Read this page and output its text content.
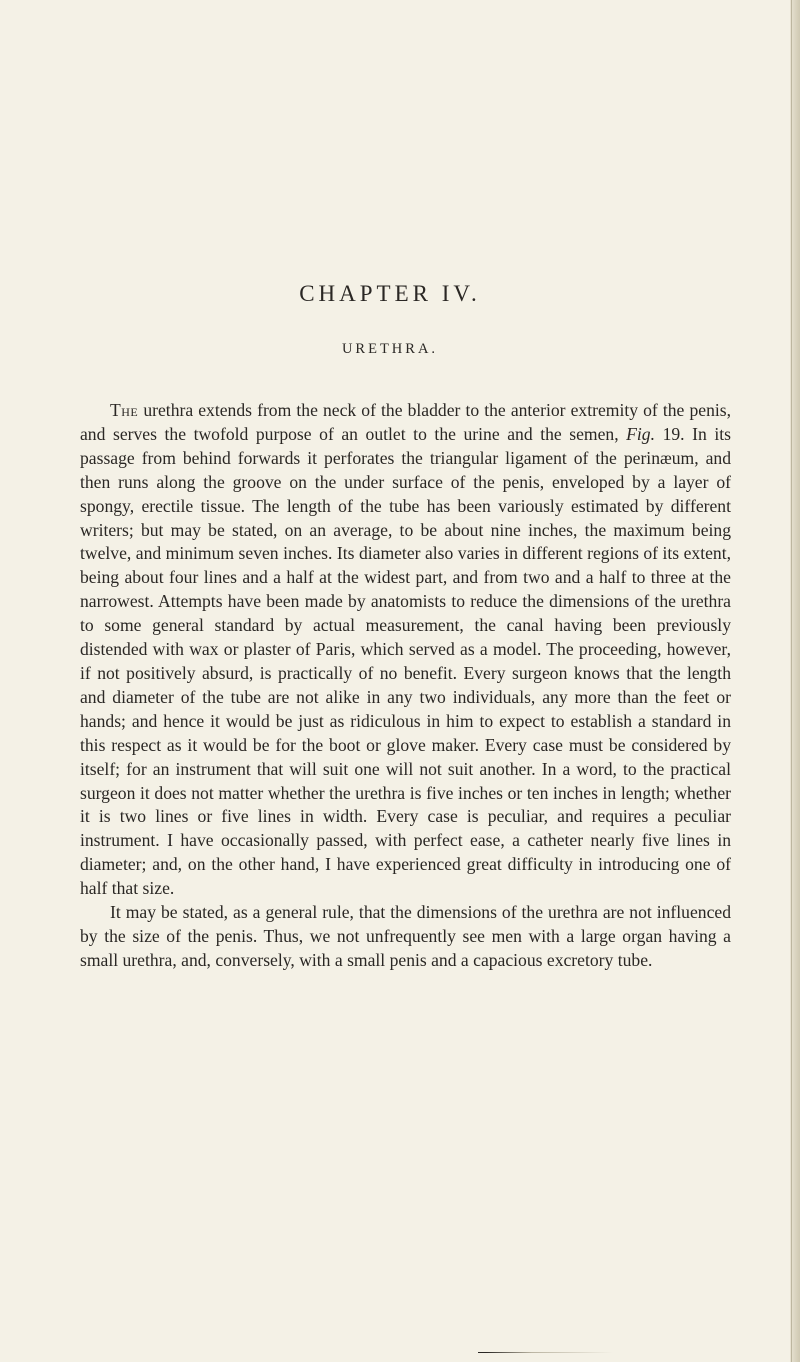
CHAPTER IV.
URETHRA.

The urethra extends from the neck of the bladder to the anterior extremity of the penis, and serves the twofold purpose of an outlet to the urine and the semen, Fig. 19. In its passage from behind forwards it perforates the triangular ligament of the perinæum, and then runs along the groove on the under surface of the penis, enveloped by a layer of spongy, erectile tissue. The length of the tube has been variously estimated by different writers; but may be stated, on an average, to be about nine inches, the maximum being twelve, and minimum seven inches. Its diameter also varies in different regions of its extent, being about four lines and a half at the widest part, and from two and a half to three at the narrowest. Attempts have been made by anatomists to reduce the dimensions of the urethra to some general standard by actual measurement, the canal having been previously distended with wax or plaster of Paris, which served as a model. The proceeding, however, if not positively absurd, is practically of no benefit. Every surgeon knows that the length and diameter of the tube are not alike in any two individuals, any more than the feet or hands; and hence it would be just as ridiculous in him to expect to establish a standard in this respect as it would be for the boot or glove maker. Every case must be considered by itself; for an instrument that will suit one will not suit another. In a word, to the practical surgeon it does not matter whether the urethra is five inches or ten inches in length; whether it is two lines or five lines in width. Every case is peculiar, and requires a peculiar instrument. I have occasionally passed, with perfect ease, a catheter nearly five lines in diameter; and, on the other hand, I have experienced great difficulty in introducing one of half that size.

It may be stated, as a general rule, that the dimensions of the urethra are not influenced by the size of the penis. Thus, we not unfrequently see men with a large organ having a small urethra, and, conversely, with a small penis and a capacious excretory tube.
